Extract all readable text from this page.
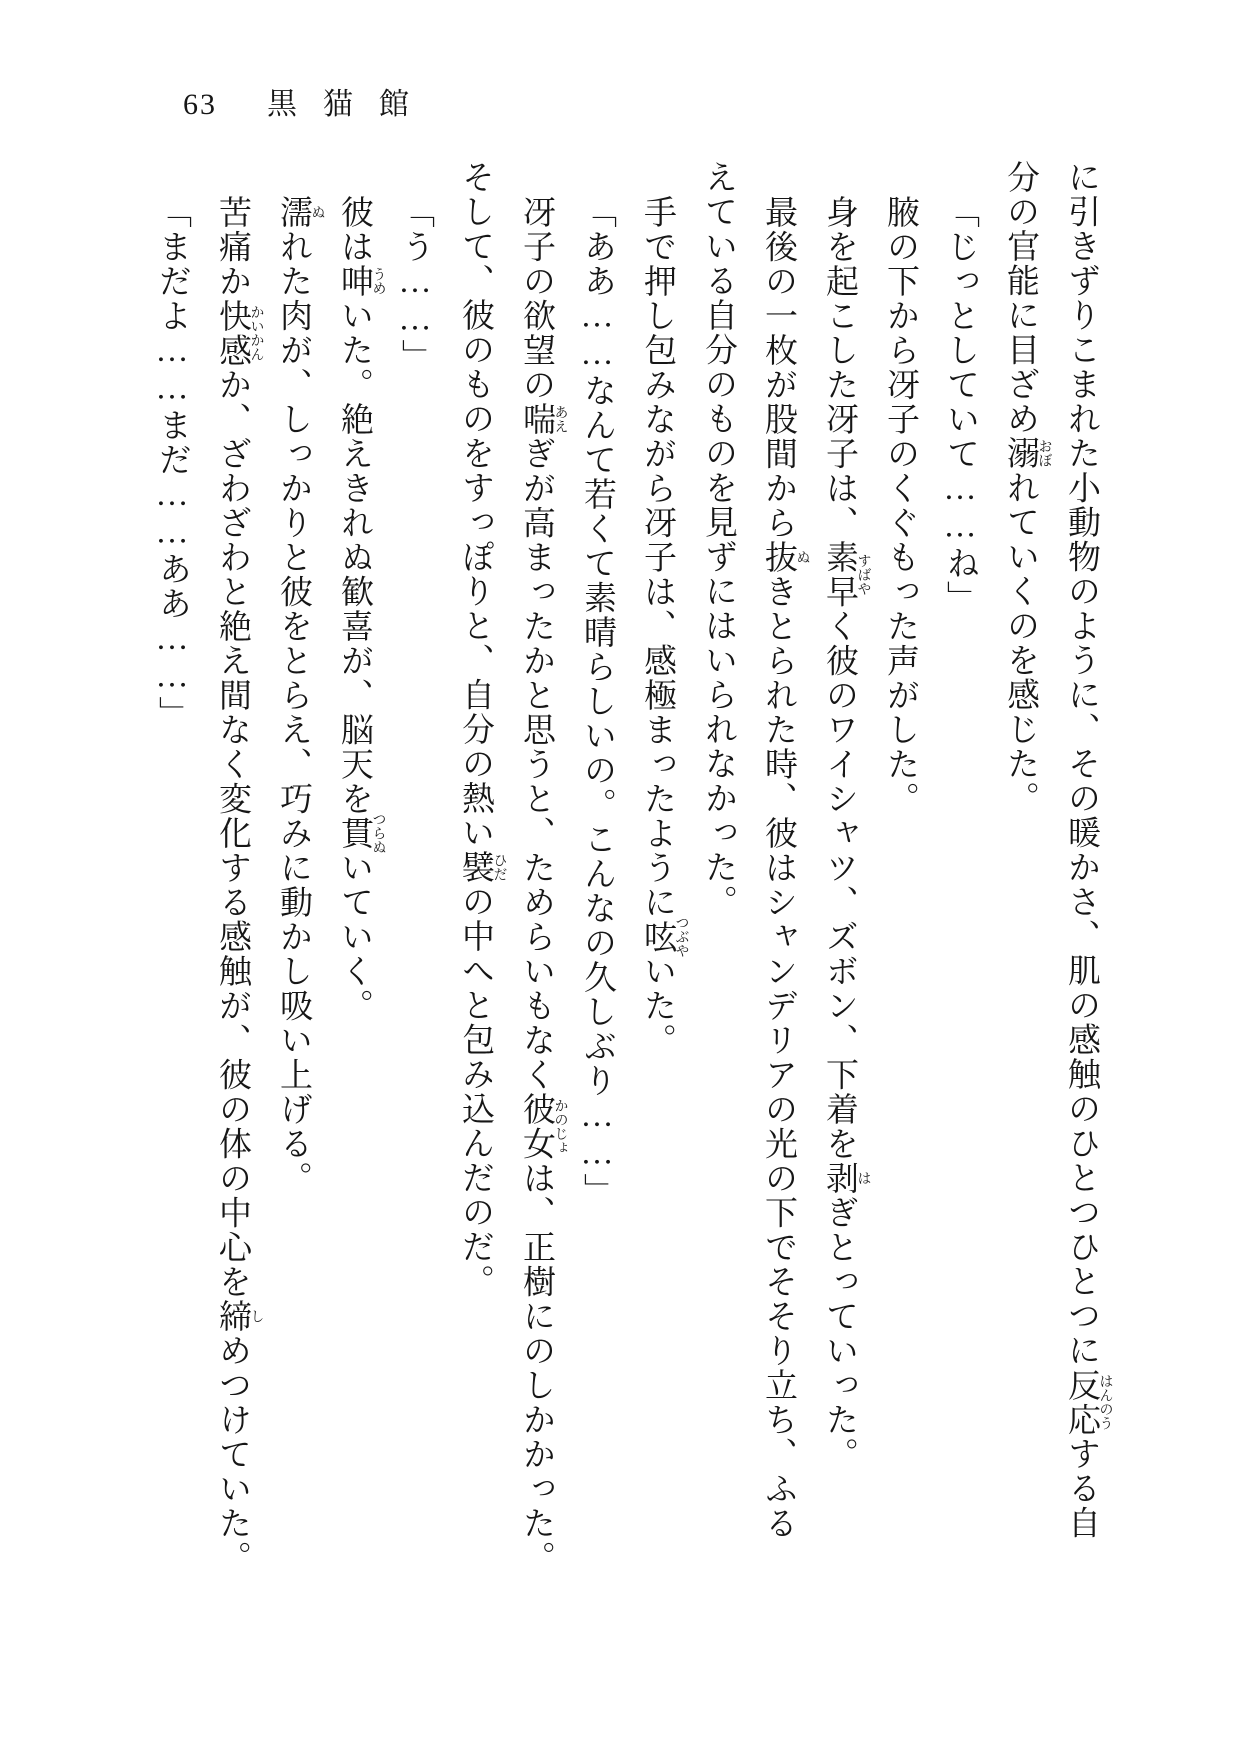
63 黒猫館
に引きずりこまれた小動物のように、その暖かさ、肌の感触のひとつひとつに反応はんのうする自
分の官能に目ざめ溺おぼれていくのを感じた。
「じっとしていて……ね」
腋の下から冴子のくぐもった声がした。
身を起こした冴子は、素早すばやく彼のワイシャツ、ズボン、下着を剥はぎとっていった。
最後の一枚が股間から抜ぬきとられた時、彼はシャンデリアの光の下でそそり立ち、ふる
えている自分のものを見ずにはいられなかった。
手で押し包みながら冴子は、感極まったように呟つぶやいた。
「ああ……なんて若くて素晴らしいの。こんなの久しぶり……」
冴子の欲望の喘あえぎが高まったかと思うと、ためらいもなく彼女かのじょは、正樹にのしかかった。
そして、彼のものをすっぽりと、自分の熱い襞ひだの中へと包み込んだのだ。
「う……」
彼は呻うめいた。絶えきれぬ歓喜が、脳天を貫つらぬいていく。
濡ぬれた肉が、しっかりと彼をとらえ、巧みに動かし吸い上げる。
苦痛か快感かいかんか、ざわざわと絶え間なく変化する感触が、彼の体の中心を締しめつけていた。
「まだよ……まだ……ああ……」
